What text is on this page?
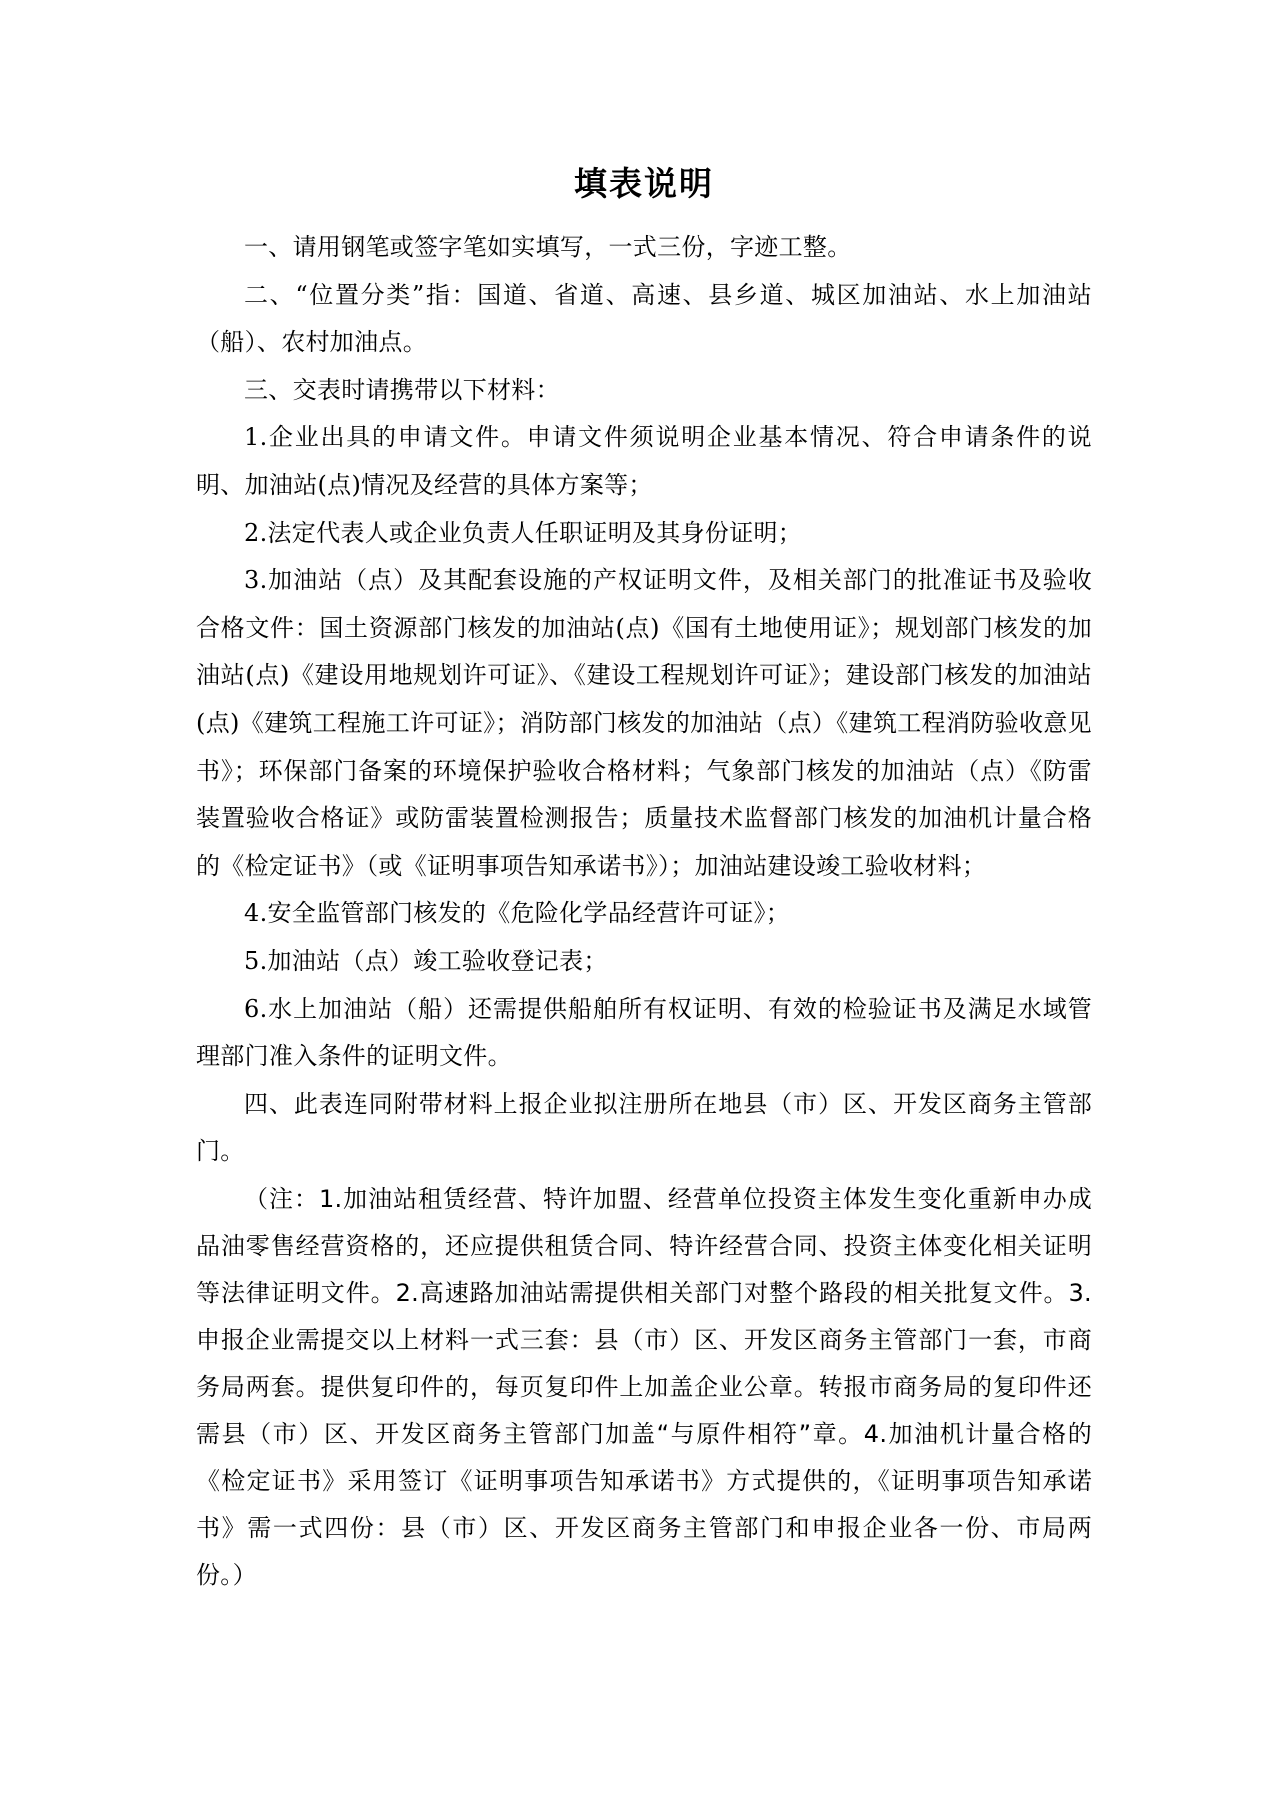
填表说明

一、请用钢笔或签字笔如实填写，一式三份，字迹工整。

二、“位置分类”指：国道、省道、高速、县乡道、城区加油站、水上加油站（船）、农村加油点。

三、交表时请携带以下材料：

1.企业出具的申请文件。申请文件须说明企业基本情况、符合申请条件的说明、加油站(点)情况及经营的具体方案等；

2.法定代表人或企业负责人任职证明及其身份证明；

3.加油站（点）及其配套设施的产权证明文件，及相关部门的批准证书及验收合格文件：国土资源部门核发的加油站(点)《国有土地使用证》；规划部门核发的加油站(点)《建设用地规划许可证》、《建设工程规划许可证》；建设部门核发的加油站(点)《建筑工程施工许可证》；消防部门核发的加油站（点）《建筑工程消防验收意见书》；环保部门备案的环境保护验收合格材料；气象部门核发的加油站（点）《防雷装置验收合格证》或防雷装置检测报告；质量技术监督部门核发的加油机计量合格的《检定证书》（或《证明事项告知承诺书》）；加油站建设竣工验收材料；

4.安全监管部门核发的《危险化学品经营许可证》；

5.加油站（点）竣工验收登记表；

6.水上加油站（船）还需提供船舶所有权证明、有效的检验证书及满足水域管理部门准入条件的证明文件。

四、此表连同附带材料上报企业拟注册所在地县（市）区、开发区商务主管部门。

（注：1.加油站租赁经营、特许加盟、经营单位投资主体发生变化重新申办成品油零售经营资格的，还应提供租赁合同、特许经营合同、投资主体变化相关证明等法律证明文件。2.高速路加油站需提供相关部门对整个路段的相关批复文件。3.申报企业需提交以上材料一式三套：县（市）区、开发区商务主管部门一套，市商务局两套。提供复印件的，每页复印件上加盖企业公章。转报市商务局的复印件还需县（市）区、开发区商务主管部门加盖“与原件相符”章。4.加油机计量合格的《检定证书》采用签订《证明事项告知承诺书》方式提供的，《证明事项告知承诺书》需一式四份：县（市）区、开发区商务主管部门和申报企业各一份、市局两份。）
